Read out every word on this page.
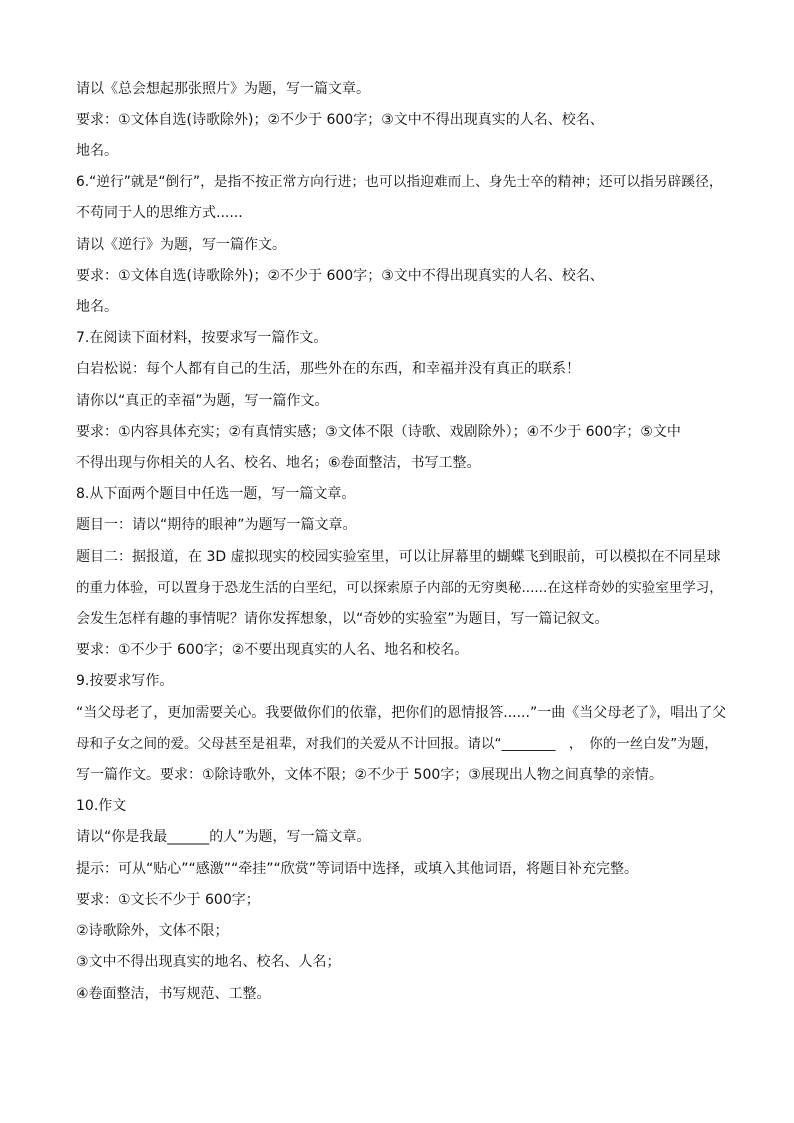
请以《总会想起那张照片》为题，写一篇文章。
要求：①文体自选(诗歌除外)；②不少于 600字；③文中不得出现真实的人名、校名、
地名。
6.“逆行”就是“倒行”，是指不按正常方向行进；也可以指迎难而上、身先士卒的精神；还可以指另辟蹊径，
不苟同于人的思维方式......
请以《逆行》为题，写一篇作文。
要求：①文体自选(诗歌除外)；②不少于 600字；③文中不得出现真实的人名、校名、
地名。
7.在阅读下面材料，按要求写一篇作文。
白岩松说：每个人都有自己的生活，那些外在的东西，和幸福并没有真正的联系！
请你以“真正的幸福”为题，写一篇作文。
要求：①内容具体充实；②有真情实感；③文体不限（诗歌、戏剧除外）；④不少于 600字；⑤文中
不得出现与你相关的人名、校名、地名；⑥卷面整洁，书写工整。
8.从下面两个题目中任选一题，写一篇文章。
题目一：请以“期待的眼神”为题写一篇文章。
题目二：据报道，在 3D 虚拟现实的校园实验室里，可以让屏幕里的蝴蝶飞到眼前，可以模拟在不同星球
的重力体验，可以置身于恐龙生活的白垩纪，可以探索原子内部的无穷奥秘......在这样奇妙的实验室里学习，
会发生怎样有趣的事情呢？请你发挥想象，以“奇妙的实验室”为题目，写一篇记叙文。
要求：①不少于 600字；②不要出现真实的人名、地名和校名。
9.按要求写作。
“当父母老了，更加需要关心。我要做你们的依靠，把你们的恩情报答......”一曲《当父母老了》，唱出了父
母和子女之间的爱。父母甚至是祖辈，对我们的关爱从不计回报。请以“________　，　你的一丝白发”为题，
写一篇作文。要求：①除诗歌外，文体不限；②不少于 500字；③展现出人物之间真挚的亲情。
10.作文
请以“你是我最______的人”为题，写一篇文章。
提示：可从“贴心”“感激”“牵挂”“欣赏”等词语中选择，或填入其他词语，将题目补充完整。
要求：①文长不少于 600字；
②诗歌除外，文体不限；
③文中不得出现真实的地名、校名、人名；
④卷面整洁，书写规范、工整。
